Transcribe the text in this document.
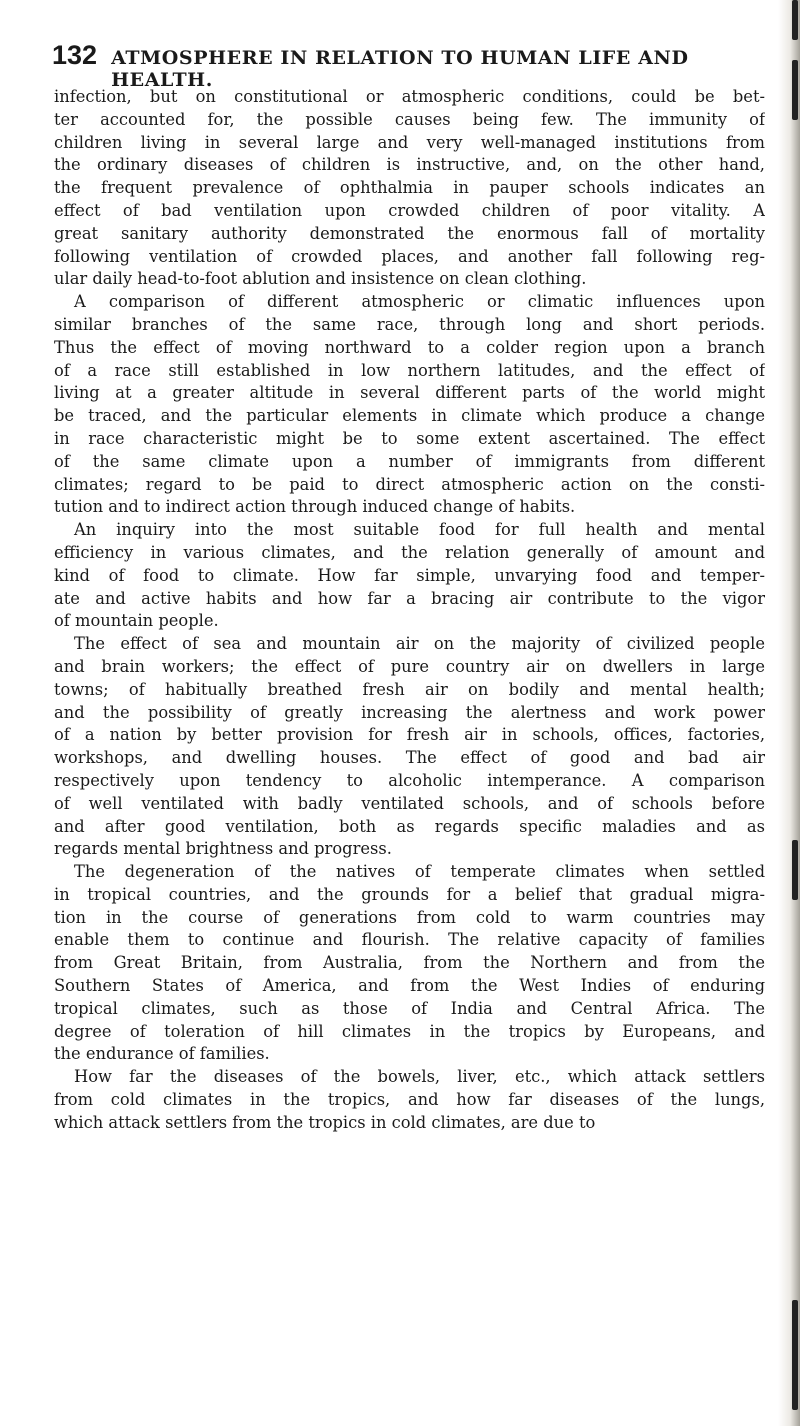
132 ATMOSPHERE IN RELATION TO HUMAN LIFE AND HEALTH.
infection, but on constitutional or atmospheric conditions, could be bet-
ter accounted for, the possible causes being few. The immunity of
children living in several large and very well-managed institutions from
the ordinary diseases of children is instructive, and, on the other hand,
the frequent prevalence of ophthalmia in pauper schools indicates an
effect of bad ventilation upon crowded children of poor vitality. A
great sanitary authority demonstrated the enormous fall of mortality
following ventilation of crowded places, and another fall following reg-
ular daily head-to-foot ablution and insistence on clean clothing.
A comparison of different atmospheric or climatic influences upon
similar branches of the same race, through long and short periods.
Thus the effect of moving northward to a colder region upon a branch
of a race still established in low northern latitudes, and the effect of
living at a greater altitude in several different parts of the world might
be traced, and the particular elements in climate which produce a change
in race characteristic might be to some extent ascertained. The effect
of the same climate upon a number of immigrants from different
climates; regard to be paid to direct atmospheric action on the consti-
tution and to indirect action through induced change of habits.
An inquiry into the most suitable food for full health and mental
efficiency in various climates, and the relation generally of amount and
kind of food to climate. How far simple, unvarying food and temper-
ate and active habits and how far a bracing air contribute to the vigor
of mountain people.
The effect of sea and mountain air on the majority of civilized people
and brain workers; the effect of pure country air on dwellers in large
towns; of habitually breathed fresh air on bodily and mental health;
and the possibility of greatly increasing the alertness and work power
of a nation by better provision for fresh air in schools, offices, factories,
workshops, and dwelling houses. The effect of good and bad air
respectively upon tendency to alcoholic intemperance. A comparison
of well ventilated with badly ventilated schools, and of schools before
and after good ventilation, both as regards specific maladies and as
regards mental brightness and progress.
The degeneration of the natives of temperate climates when settled
in tropical countries, and the grounds for a belief that gradual migra-
tion in the course of generations from cold to warm countries may
enable them to continue and flourish. The relative capacity of families
from Great Britain, from Australia, from the Northern and from the
Southern States of America, and from the West Indies of enduring
tropical climates, such as those of India and Central Africa. The
degree of toleration of hill climates in the tropics by Europeans, and
the endurance of families.
How far the diseases of the bowels, liver, etc., which attack settlers
from cold climates in the tropics, and how far diseases of the lungs,
which attack settlers from the tropics in cold climates, are due to
